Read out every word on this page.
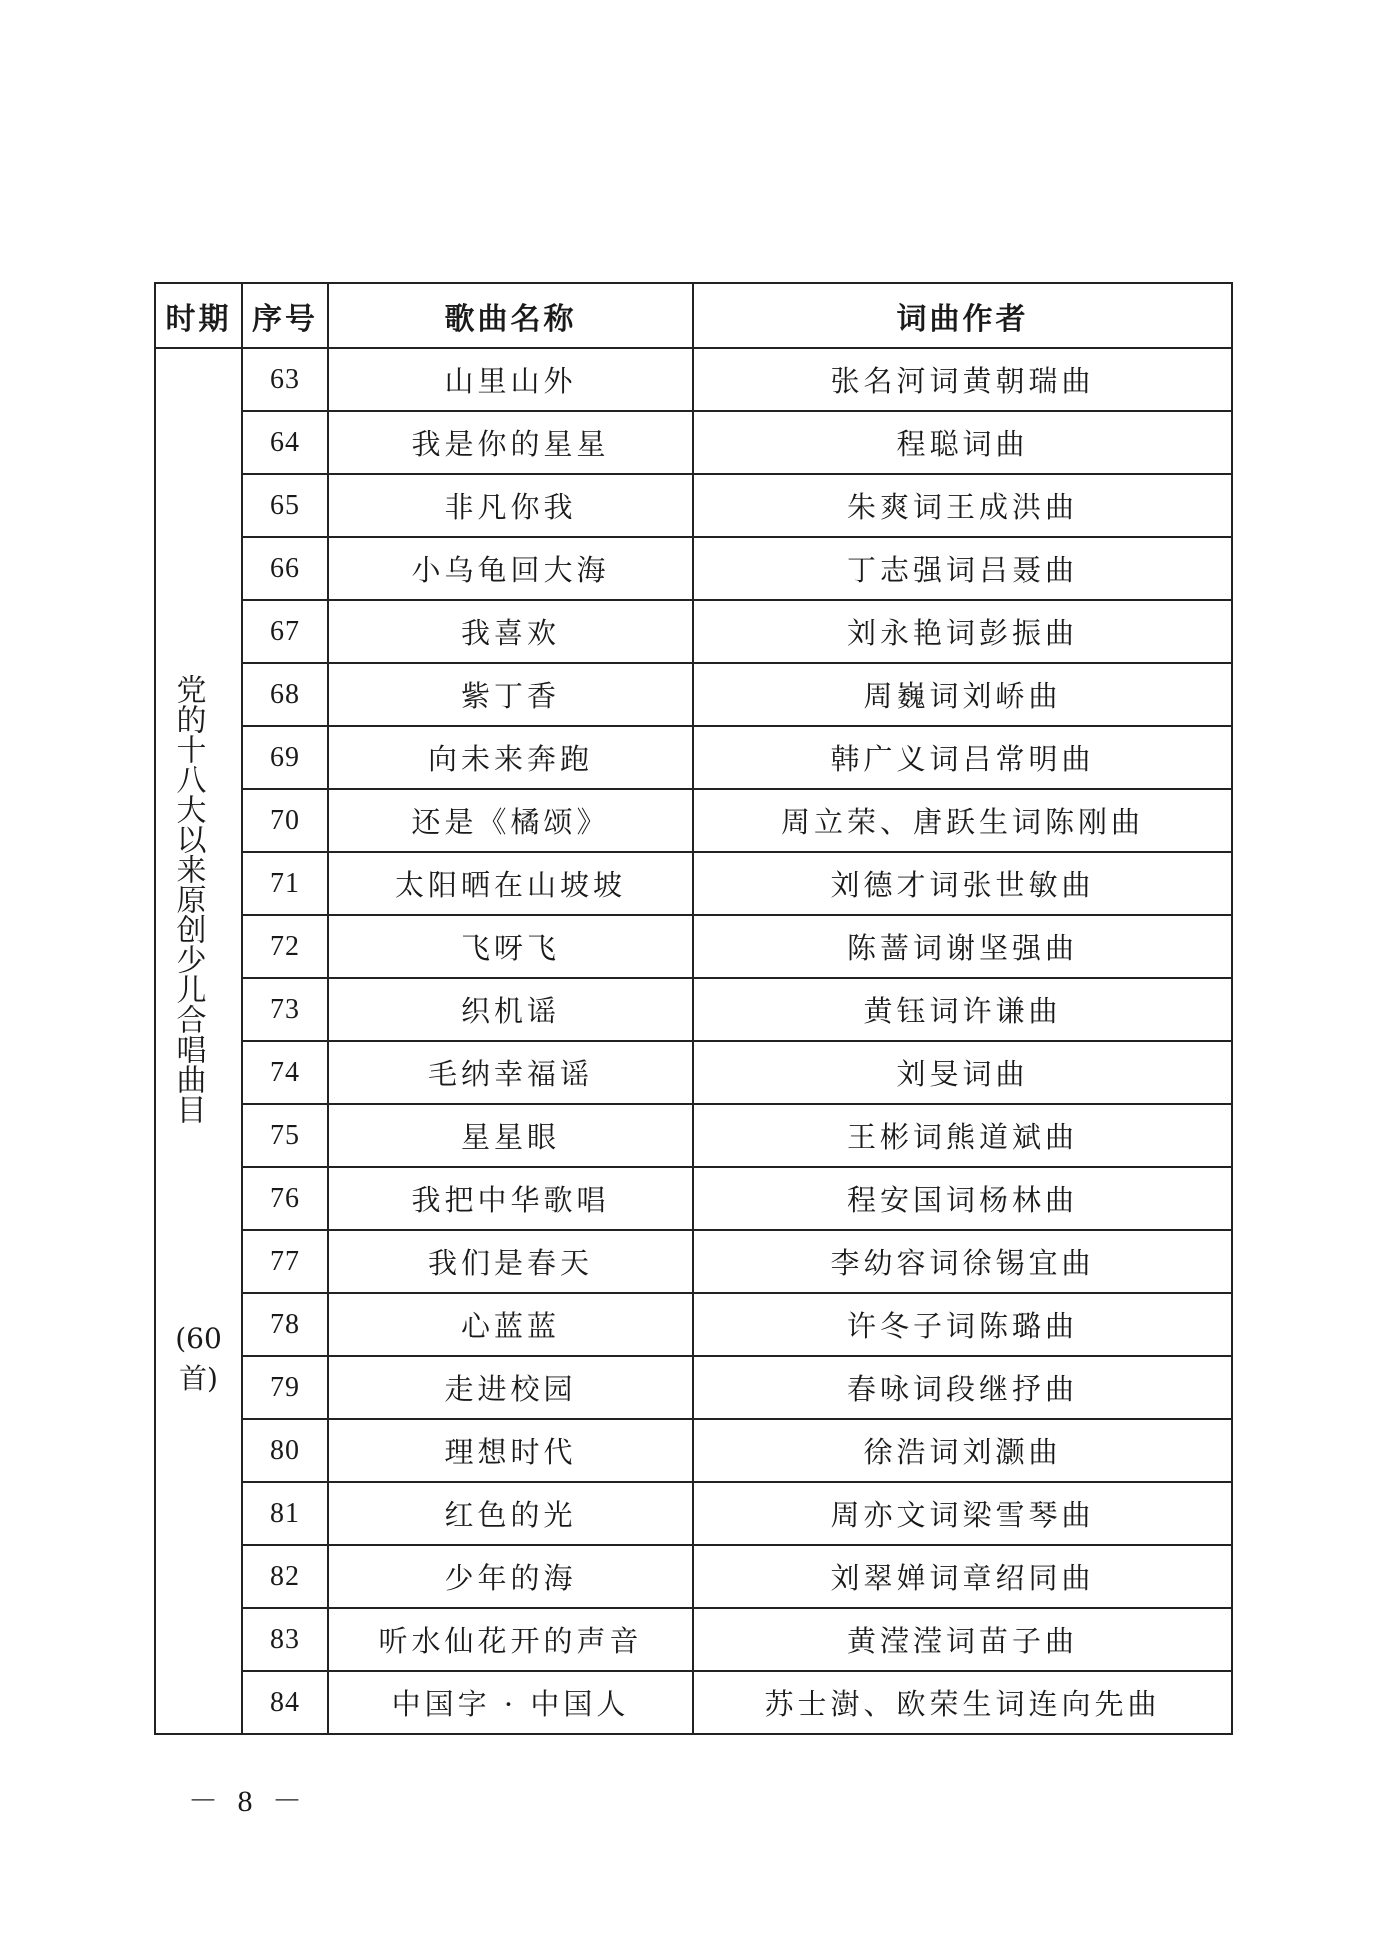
时期	序号	歌曲名称	词曲作者

党的十八大以来原创少儿合唱曲目
(60首)	63	山里山外	张名河词黄朝瑞曲
	64	我是你的星星	程聪词曲
	65	非凡你我	朱爽词王成洪曲
	66	小乌龟回大海	丁志强词吕聂曲
	67	我喜欢	刘永艳词彭振曲
	68	紫丁香	周巍词刘峤曲
	69	向未来奔跑	韩广义词吕常明曲
	70	还是《橘颂》	周立荣、唐跃生词陈刚曲
	71	太阳晒在山坡坡	刘德才词张世敏曲
	72	飞呀飞	陈蔷词谢坚强曲
	73	织机谣	黄钰词许谦曲
	74	毛纳幸福谣	刘旻词曲
	75	星星眼	王彬词熊道斌曲
	76	我把中华歌唱	程安国词杨林曲
	77	我们是春天	李幼容词徐锡宜曲
	78	心蓝蓝	许冬子词陈璐曲
	79	走进校园	春咏词段继抒曲
	80	理想时代	徐浩词刘灏曲
	81	红色的光	周亦文词梁雪琴曲
	82	少年的海	刘翠婵词章绍同曲
	83	听水仙花开的声音	黄滢滢词苗子曲
	84	中国字 · 中国人	苏士澍、欧荣生词连向先曲
－ 8 －
